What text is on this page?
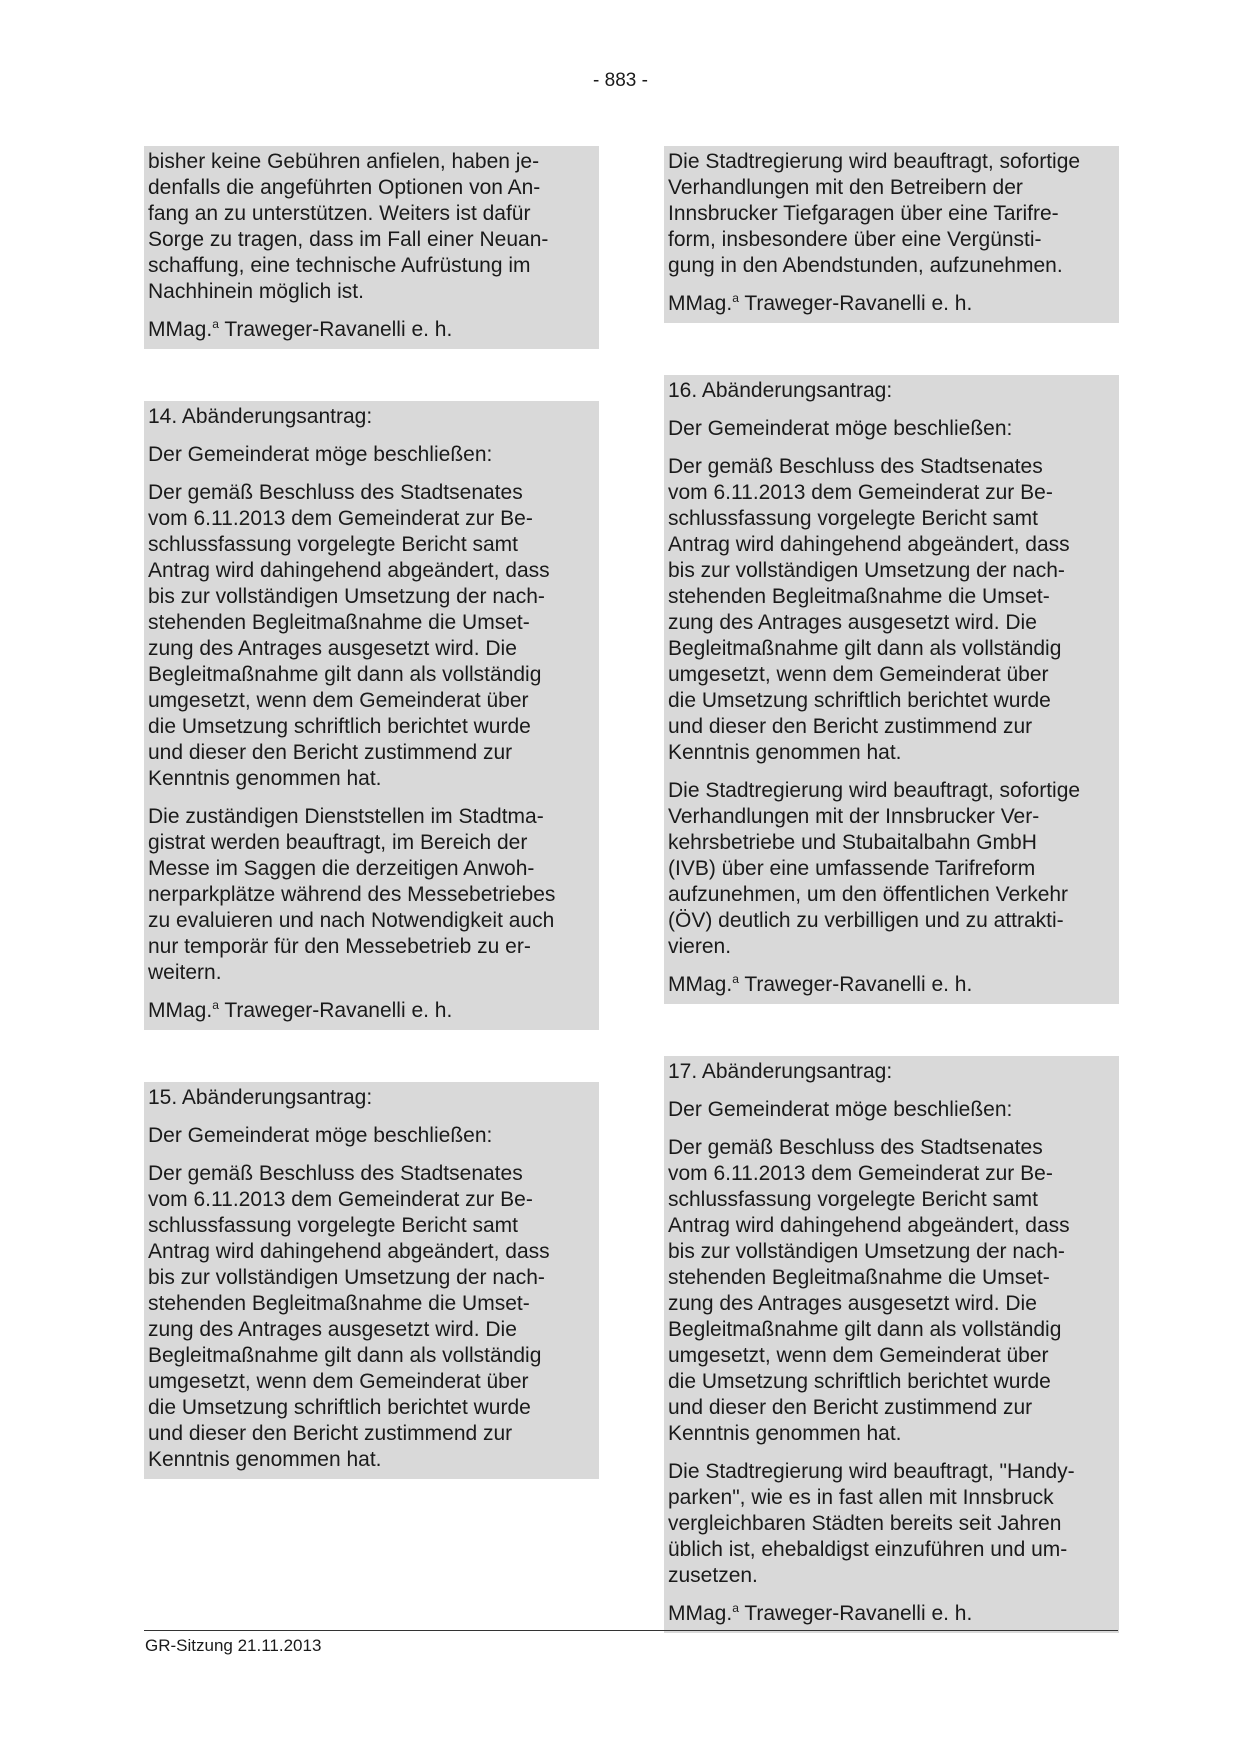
- 883 -

bisher keine Gebühren anfielen, haben je-
denfalls die angeführten Optionen von An-
fang an zu unterstützen. Weiters ist dafür
Sorge zu tragen, dass im Fall einer Neuan-
schaffung, eine technische Aufrüstung im
Nachhinein möglich ist.

MMag.$^a$ Traweger-Ravanelli e. h.

14. Abänderungsantrag:

Der Gemeinderat möge beschließen:

Der gemäß Beschluss des Stadtsenates
vom 6.11.2013 dem Gemeinderat zur Be-
schlussfassung vorgelegte Bericht samt
Antrag wird dahingehend abgeändert, dass
bis zur vollständigen Umsetzung der nach-
stehenden Begleitmaßnahme die Umset-
zung des Antrages ausgesetzt wird. Die
Begleitmaßnahme gilt dann als vollständig
umgesetzt, wenn dem Gemeinderat über
die Umsetzung schriftlich berichtet wurde
und dieser den Bericht zustimmend zur
Kenntnis genommen hat.

Die zuständigen Dienststellen im Stadtma-
gistrat werden beauftragt, im Bereich der
Messe im Saggen die derzeitigen Anwoh-
nerparkplätze während des Messebetriebes
zu evaluieren und nach Notwendigkeit auch
nur temporär für den Messebetrieb zu er-
weitern.

MMag.$^a$ Traweger-Ravanelli e. h.

15. Abänderungsantrag:

Der Gemeinderat möge beschließen:

Der gemäß Beschluss des Stadtsenates
vom 6.11.2013 dem Gemeinderat zur Be-
schlussfassung vorgelegte Bericht samt
Antrag wird dahingehend abgeändert, dass
bis zur vollständigen Umsetzung der nach-
stehenden Begleitmaßnahme die Umset-
zung des Antrages ausgesetzt wird. Die
Begleitmaßnahme gilt dann als vollständig
umgesetzt, wenn dem Gemeinderat über
die Umsetzung schriftlich berichtet wurde
und dieser den Bericht zustimmend zur
Kenntnis genommen hat.

Die Stadtregierung wird beauftragt, sofortige
Verhandlungen mit den Betreibern der
Innsbrucker Tiefgaragen über eine Tarifre-
form, insbesondere über eine Vergünsti-
gung in den Abendstunden, aufzunehmen.

MMag.$^a$ Traweger-Ravanelli e. h.

16. Abänderungsantrag:

Der Gemeinderat möge beschließen:

Der gemäß Beschluss des Stadtsenates
vom 6.11.2013 dem Gemeinderat zur Be-
schlussfassung vorgelegte Bericht samt
Antrag wird dahingehend abgeändert, dass
bis zur vollständigen Umsetzung der nach-
stehenden Begleitmaßnahme die Umset-
zung des Antrages ausgesetzt wird. Die
Begleitmaßnahme gilt dann als vollständig
umgesetzt, wenn dem Gemeinderat über
die Umsetzung schriftlich berichtet wurde
und dieser den Bericht zustimmend zur
Kenntnis genommen hat.

Die Stadtregierung wird beauftragt, sofortige
Verhandlungen mit der Innsbrucker Ver-
kehrsbetriebe und Stubaitalbahn GmbH
(IVB) über eine umfassende Tarifreform
aufzunehmen, um den öffentlichen Verkehr
(ÖV) deutlich zu verbilligen und zu attrakti-
vieren.

MMag.$^a$ Traweger-Ravanelli e. h.

17. Abänderungsantrag:

Der Gemeinderat möge beschließen:

Der gemäß Beschluss des Stadtsenates
vom 6.11.2013 dem Gemeinderat zur Be-
schlussfassung vorgelegte Bericht samt
Antrag wird dahingehend abgeändert, dass
bis zur vollständigen Umsetzung der nach-
stehenden Begleitmaßnahme die Umset-
zung des Antrages ausgesetzt wird. Die
Begleitmaßnahme gilt dann als vollständig
umgesetzt, wenn dem Gemeinderat über
die Umsetzung schriftlich berichtet wurde
und dieser den Bericht zustimmend zur
Kenntnis genommen hat.

Die Stadtregierung wird beauftragt, "Handy-
parken", wie es in fast allen mit Innsbruck
vergleichbaren Städten bereits seit Jahren
üblich ist, ehebaldigst einzuführen und um-
zusetzen.

MMag.$^a$ Traweger-Ravanelli e. h.

GR-Sitzung 21.11.2013
